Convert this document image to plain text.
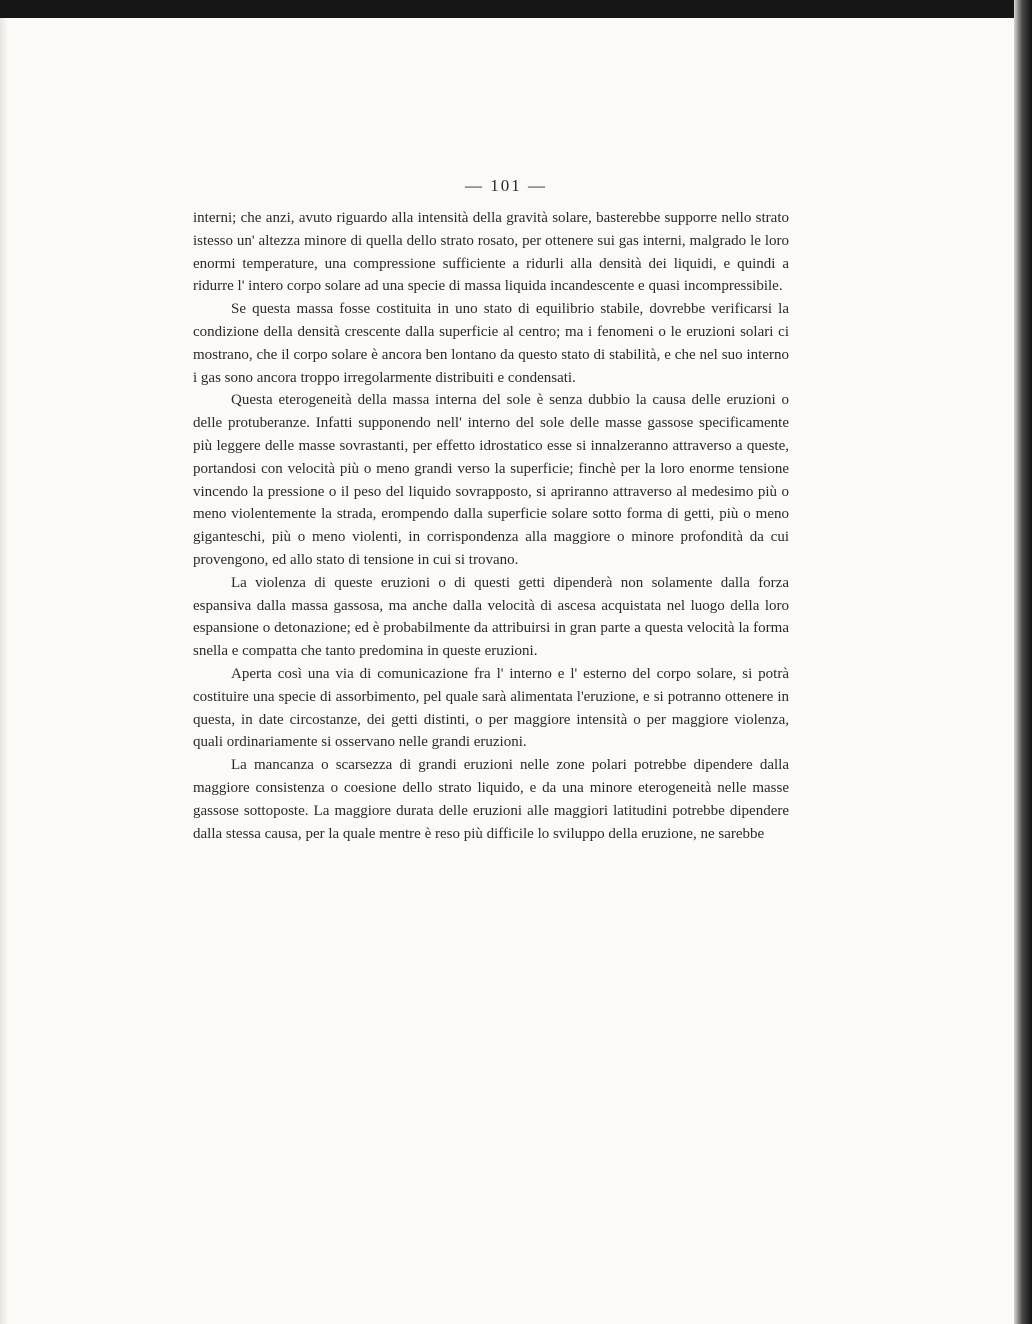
— 101 —

interni; che anzi, avuto riguardo alla intensità della gravità solare, basterebbe supporre nello strato istesso un' altezza minore di quella dello strato rosato, per ottenere sui gas interni, malgrado le loro enormi temperature, una compressione sufficiente a ridurli alla densità dei liquidi, e quindi a ridurre l' intero corpo solare ad una specie di massa liquida incandescente e quasi incompressibile.

Se questa massa fosse costituita in uno stato di equilibrio stabile, dovrebbe verificarsi la condizione della densità crescente dalla superficie al centro; ma i fenomeni o le eruzioni solari ci mostrano, che il corpo solare è ancora ben lontano da questo stato di stabilità, e che nel suo interno i gas sono ancora troppo irregolarmente distribuiti e condensati.

Questa eterogeneità della massa interna del sole è senza dubbio la causa delle eruzioni o delle protuberanze. Infatti supponendo nell' interno del sole delle masse gassose specificamente più leggere delle masse sovrastanti, per effetto idrostatico esse si innalzeranno attraverso a queste, portandosi con velocità più o meno grandi verso la superficie; finchè per la loro enorme tensione vincendo la pressione o il peso del liquido sovrapposto, si apriranno attraverso al medesimo più o meno violentemente la strada, erompendo dalla superficie solare sotto forma di getti, più o meno giganteschi, più o meno violenti, in corrispondenza alla maggiore o minore profondità da cui provengono, ed allo stato di tensione in cui si trovano.

La violenza di queste eruzioni o di questi getti dipenderà non solamente dalla forza espansiva dalla massa gassosa, ma anche dalla velocità di ascesa acquistata nel luogo della loro espansione o detonazione; ed è probabilmente da attribuirsi in gran parte a questa velocità la forma snella e compatta che tanto predomina in queste eruzioni.

Aperta così una via di comunicazione fra l' interno e l' esterno del corpo solare, si potrà costituire una specie di assorbimento, pel quale sarà alimentata l'eruzione, e si potranno ottenere in questa, in date circostanze, dei getti distinti, o per maggiore intensità o per maggiore violenza, quali ordinariamente si osservano nelle grandi eruzioni.

La mancanza o scarsezza di grandi eruzioni nelle zone polari potrebbe dipendere dalla maggiore consistenza o coesione dello strato liquido, e da una minore eterogeneità nelle masse gassose sottoposte. La maggiore durata delle eruzioni alle maggiori latitudini potrebbe dipendere dalla stessa causa, per la quale mentre è reso più difficile lo sviluppo della eruzione, ne sarebbe
